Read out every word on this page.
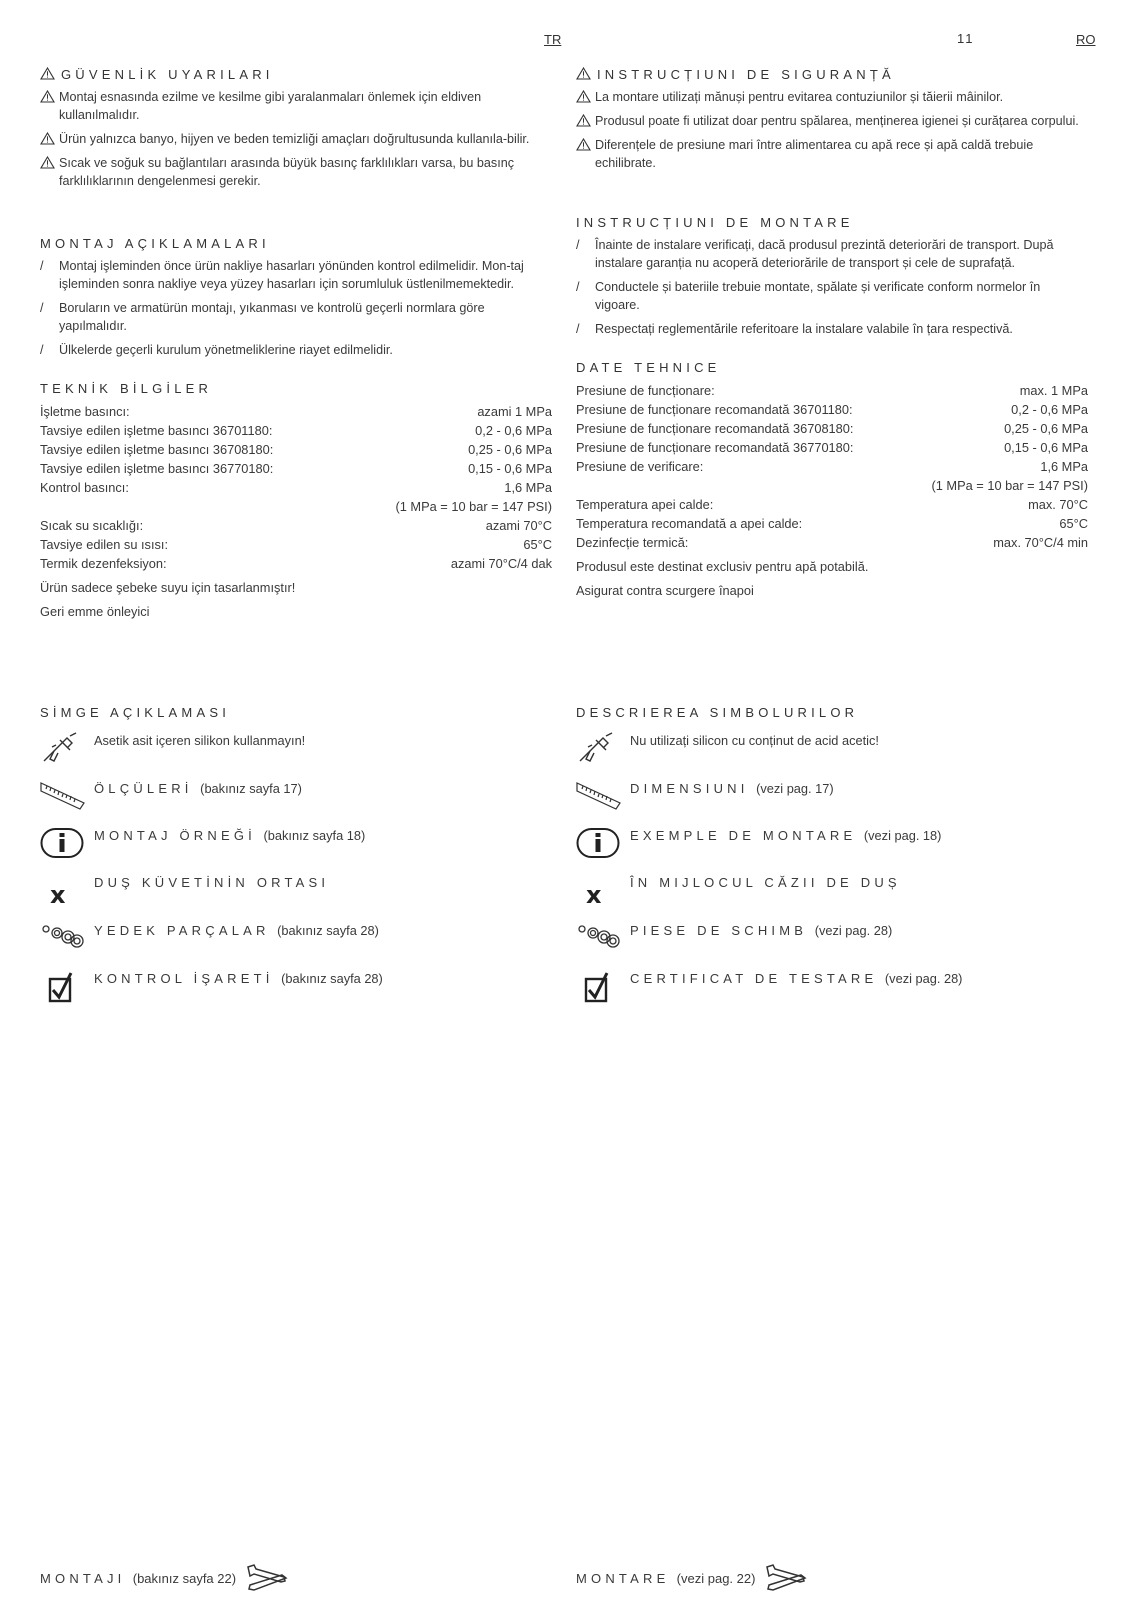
TR	11	RO
GÜVENLİK UYARILARI
Montaj esnasında ezilme ve kesilme gibi yaralanmaları önlemek için eldiven kullanılmalıdır.
Ürün yalnızca banyo, hijyen ve beden temizliği amaçları doğrultusunda kullanıla-bilir.
Sıcak ve soğuk su bağlantıları arasında büyük basınç farklılıkları varsa, bu basınç farklılıklarının dengelenmesi gerekir.
MONTAJ AÇIKLAMALARI
/	Montaj işleminden önce ürün nakliye hasarları yönünden kontrol edilmelidir. Mon-taj işleminden sonra nakliye veya yüzey hasarları için sorumluluk üstlenilmemektedir.
/	Boruların ve armatürün montajı, yıkanması ve kontrolü geçerli normlara göre yapılmalıdır.
/	Ülkelerde geçerli kurulum yönetmeliklerine riayet edilmelidir.
TEKNİK BİLGİLER
İşletme basıncı:	azami 1 MPa
Tavsiye edilen işletme basıncı 36701180:	0,2 - 0,6 MPa
Tavsiye edilen işletme basıncı 36708180:	0,25 - 0,6 MPa
Tavsiye edilen işletme basıncı 36770180:	0,15 - 0,6 MPa
Kontrol basıncı:	1,6 MPa
(1 MPa = 10 bar = 147 PSI)
Sıcak su sıcaklığı:	azami 70°C
Tavsiye edilen su ısısı:	65°C
Termik dezenfeksiyon:	azami 70°C/4 dak

Ürün sadece şebeke suyu için tasarlanmıştır!

Geri emme önleyici

SİMGE AÇIKLAMASI
Asetik asit içeren silikon kullanmayın!
ÖLÇÜLERİ (bakınız sayfa 17)
MONTAJ ÖRNEĞİ (bakınız sayfa 18)
x DUŞ KÜVETİNİN ORTASI
YEDEK PARÇALAR (bakınız sayfa 28)
KONTROL İŞARETİ (bakınız sayfa 28)
MONTAJI (bakınız sayfa 22)
INSTRUCȚIUNI DE SIGURANȚĂ
La montare utilizați mănuși pentru evitarea contuziunilor și tăierii mâinilor.
Produsul poate fi utilizat doar pentru spălarea, menținerea igienei și curățarea corpului.
Diferențele de presiune mari între alimentarea cu apă rece și apă caldă trebuie echilibrate.
INSTRUCȚIUNI DE MONTARE
/	Înainte de instalare verificați, dacă produsul prezintă deteriorări de transport. După instalare garanția nu acoperă deteriorările de transport și cele de suprafață.
/	Conductele și bateriile trebuie montate, spălate și verificate conform normelor în vigoare.
/	Respectați reglementările referitoare la instalare valabile în țara respectivă.
DATE TEHNICE
Presiune de funcționare:	max. 1 MPa
Presiune de funcționare recomandată 36701180:	0,2 - 0,6 MPa
Presiune de funcționare recomandată 36708180:	0,25 - 0,6 MPa
Presiune de funcționare recomandată 36770180:	0,15 - 0,6 MPa
Presiune de verificare:	1,6 MPa
(1 MPa = 10 bar = 147 PSI)
Temperatura apei calde:	max. 70°C
Temperatura recomandată a apei calde:	65°C
Dezinfecție termică:	max. 70°C/4 min

Produsul este destinat exclusiv pentru apă potabilă.

Asigurat contra scurgere înapoi

DESCRIEREA SIMBOLURILOR
Nu utilizați silicon cu conținut de acid acetic!
DIMENSIUNI (vezi pag. 17)
EXEMPLE DE MONTARE (vezi pag. 18)
x ÎN MIJLOCUL CĂZII DE DUȘ
PIESE DE SCHIMB (vezi pag. 28)
CERTIFICAT DE TESTARE (vezi pag. 28)
MONTARE (vezi pag. 22)
